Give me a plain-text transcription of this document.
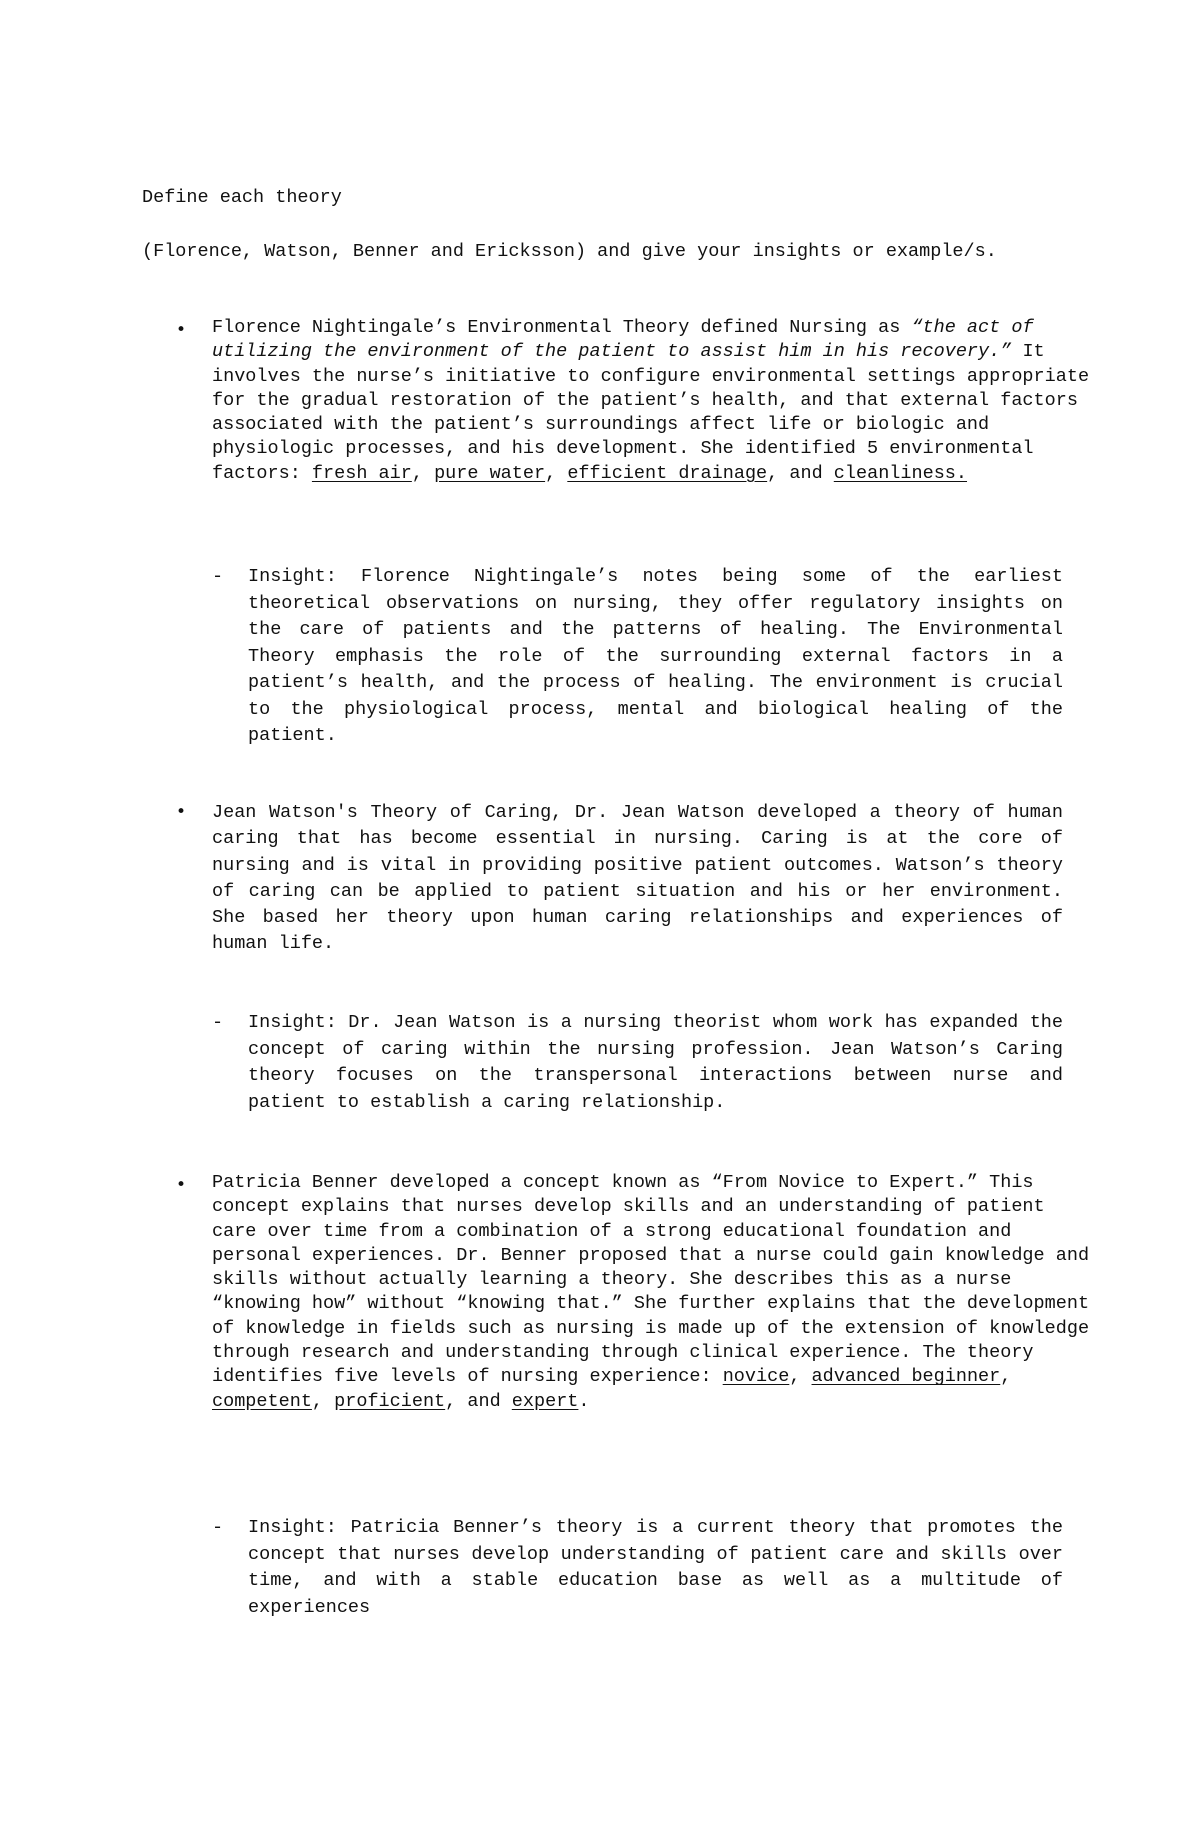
Define each theory
(Florence, Watson, Benner and Ericksson) and give your insights or example/s.
• Florence Nightingale’s Environmental Theory defined Nursing as “the act of utilizing the environment of the patient to assist him in his recovery.” It involves the nurse’s initiative to configure environmental settings appropriate for the gradual restoration of the patient’s health, and that external factors associated with the patient’s surroundings affect life or biologic and physiologic processes, and his development. She identified 5 environmental factors: fresh air, pure water, efficient drainage, and cleanliness.
- Insight: Florence Nightingale’s notes being some of the earliest theoretical observations on nursing, they offer regulatory insights on the care of patients and the patterns of healing. The Environmental Theory emphasis the role of the surrounding external factors in a patient’s health, and the process of healing. The environment is crucial to the physiological process, mental and biological healing of the patient.
• Jean Watson's Theory of Caring, Dr. Jean Watson developed a theory of human caring that has become essential in nursing. Caring is at the core of nursing and is vital in providing positive patient outcomes. Watson’s theory of caring can be applied to patient situation and his or her environment. She based her theory upon human caring relationships and experiences of human life.
- Insight: Dr. Jean Watson is a nursing theorist whom work has expanded the concept of caring within the nursing profession. Jean Watson’s Caring theory focuses on the transpersonal interactions between nurse and patient to establish a caring relationship.
• Patricia Benner developed a concept known as “From Novice to Expert.” This concept explains that nurses develop skills and an understanding of patient care over time from a combination of a strong educational foundation and personal experiences. Dr. Benner proposed that a nurse could gain knowledge and skills without actually learning a theory. She describes this as a nurse “knowing how” without “knowing that.” She further explains that the development of knowledge in fields such as nursing is made up of the extension of knowledge through research and understanding through clinical experience. The theory identifies five levels of nursing experience: novice, advanced beginner, competent, proficient, and expert.
- Insight: Patricia Benner’s theory is a current theory that promotes the concept that nurses develop understanding of patient care and skills over time, and with a stable education base as well as a multitude of experiences
